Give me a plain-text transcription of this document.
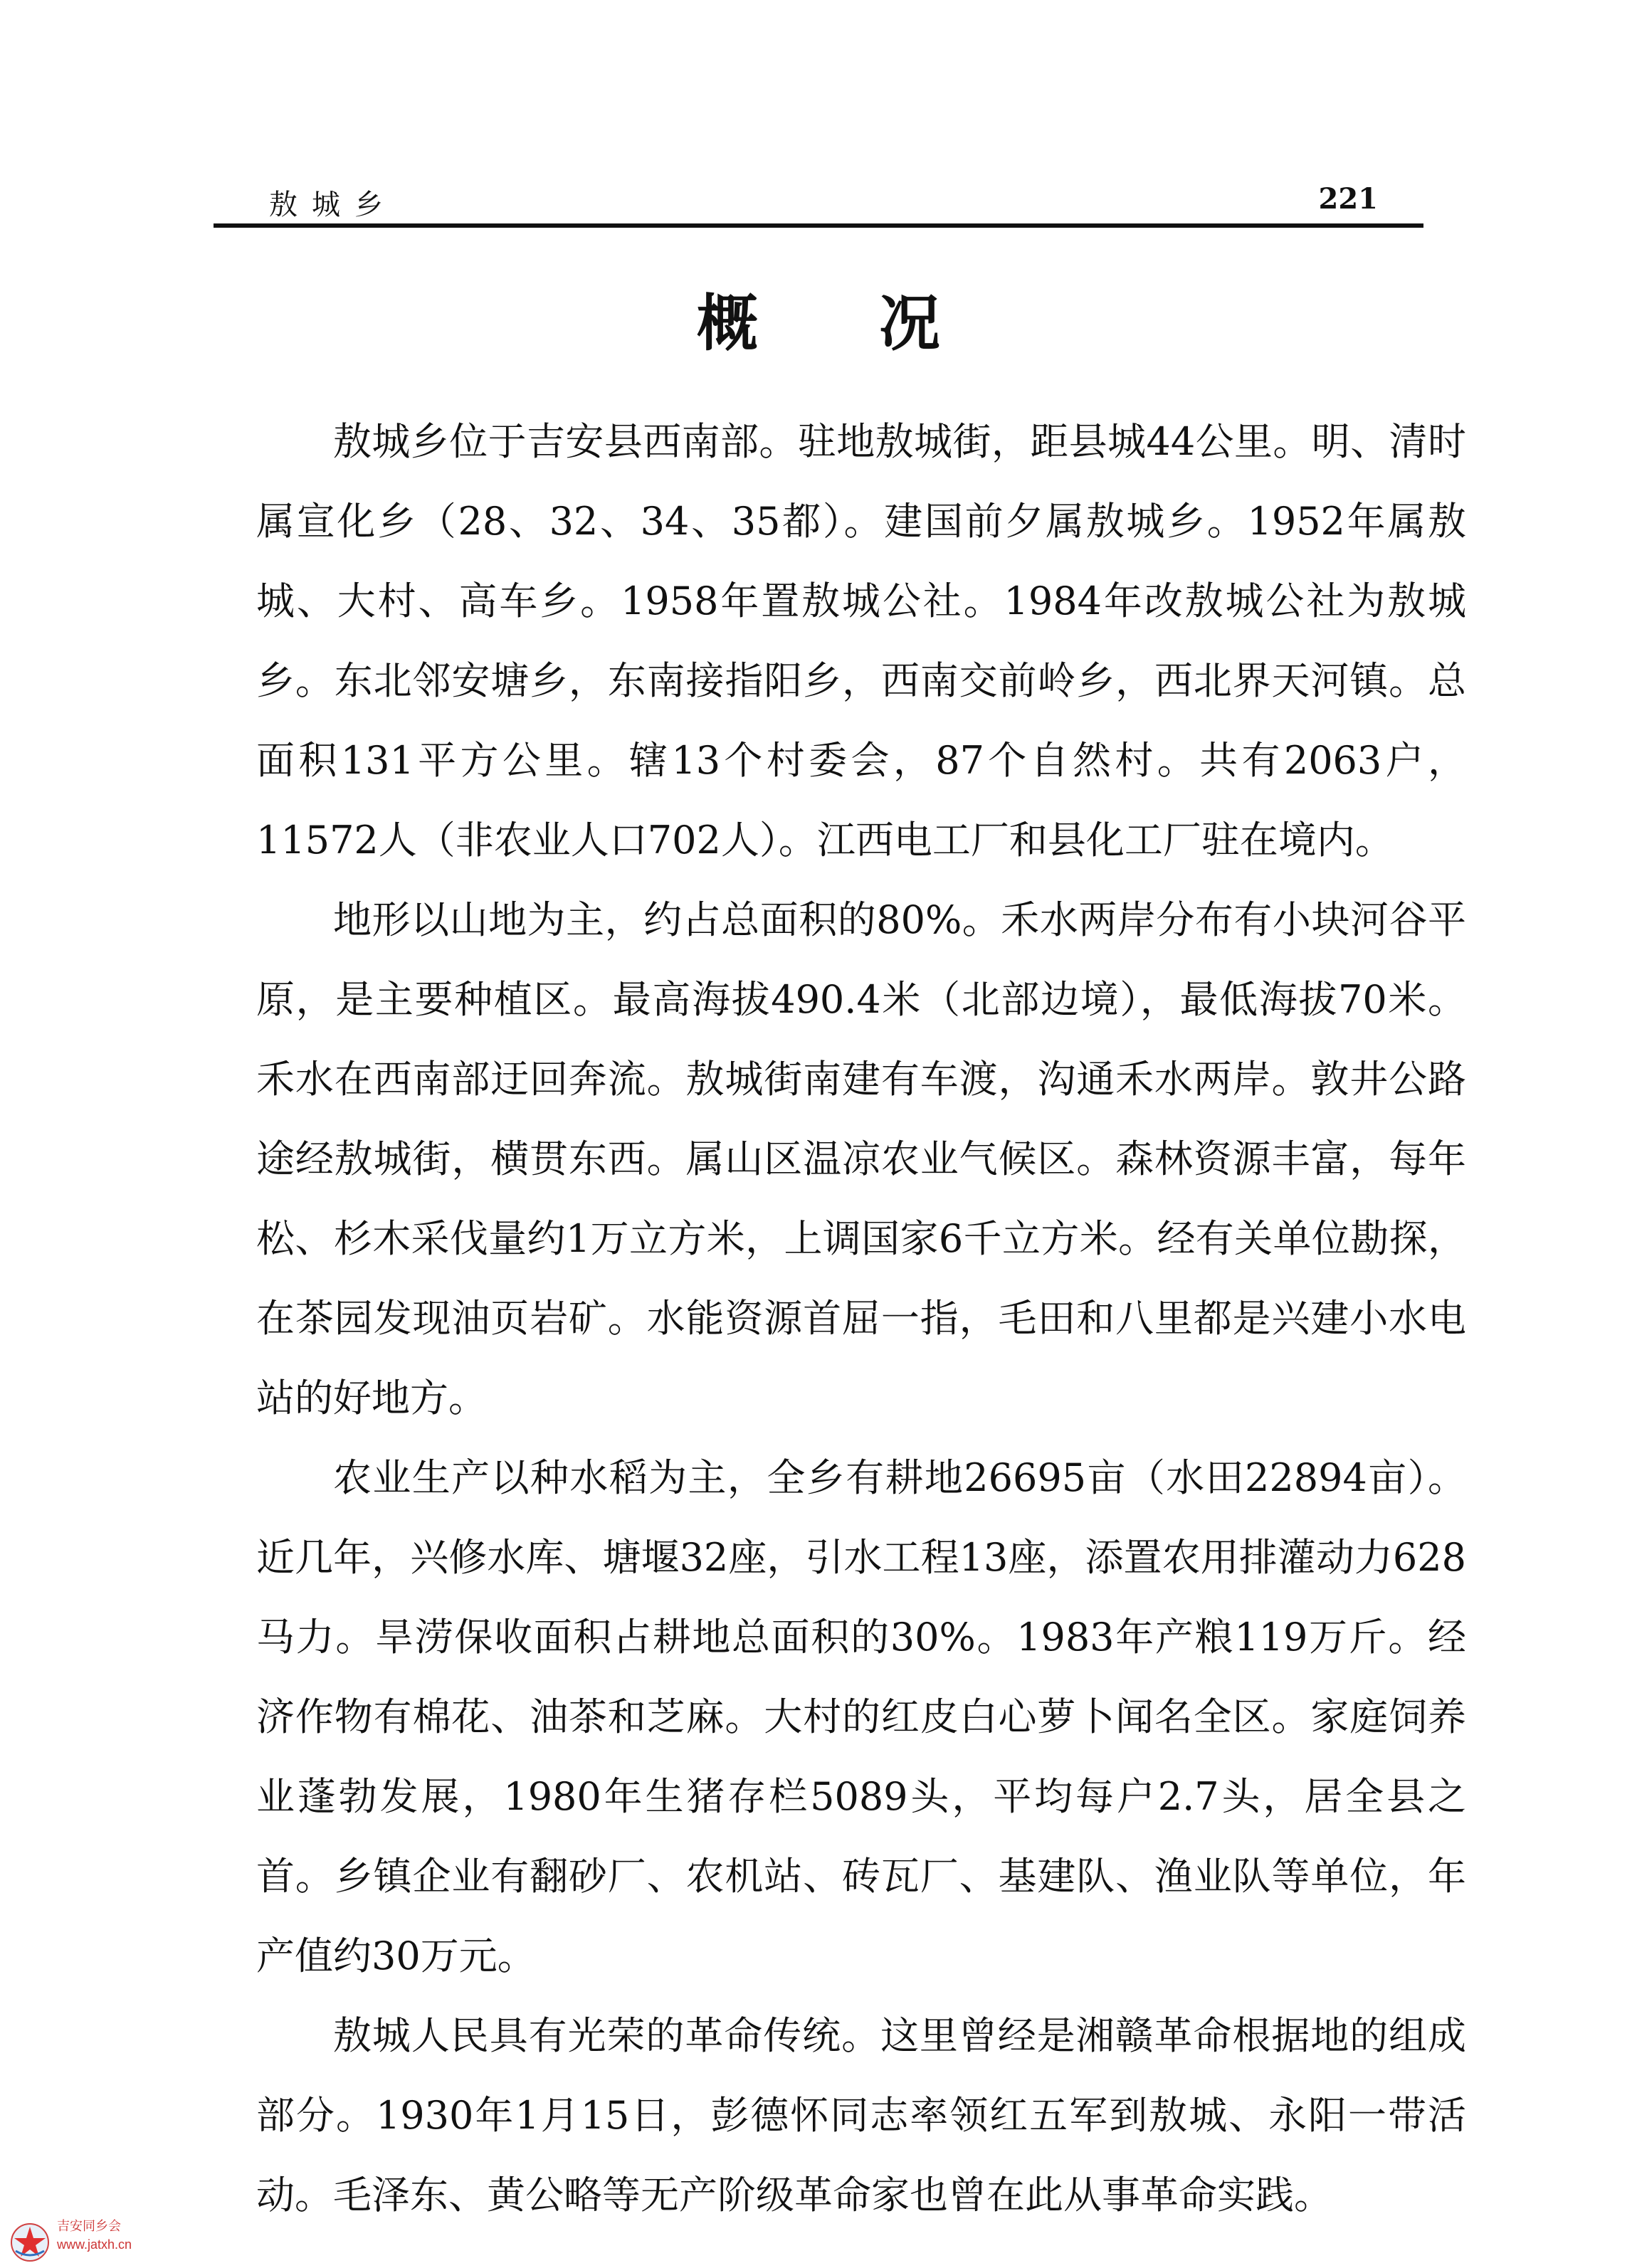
敖城乡	221
概况

敖城乡位于吉安县西南部。驻地敖城街，距县城44公里。明、清时属宣化乡（28、32、34、35都）。建国前夕属敖城乡。1952年属敖城、大村、高车乡。1958年置敖城公社。1984年改敖城公社为敖城乡。东北邻安塘乡，东南接指阳乡，西南交前岭乡，西北界天河镇。总面积131平方公里。辖13个村委会，87个自然村。共有2063户，11572人（非农业人口702人）。江西电工厂和县化工厂驻在境内。

地形以山地为主，约占总面积的80%。禾水两岸分布有小块河谷平原，是主要种植区。最高海拔490.4米（北部边境），最低海拔70米。禾水在西南部迂回奔流。敖城街南建有车渡，沟通禾水两岸。敦井公路途经敖城街，横贯东西。属山区温凉农业气候区。森林资源丰富，每年松、杉木采伐量约1万立方米，上调国家6千立方米。经有关单位勘探，在茶园发现油页岩矿。水能资源首屈一指，毛田和八里都是兴建小水电站的好地方。

农业生产以种水稻为主，全乡有耕地26695亩（水田22894亩）。近几年，兴修水库、塘堰32座，引水工程13座，添置农用排灌动力628马力。旱涝保收面积占耕地总面积的30%。1983年产粮119万斤。经济作物有棉花、油茶和芝麻。大村的红皮白心萝卜闻名全区。家庭饲养业蓬勃发展，1980年生猪存栏5089头，平均每户2.7头，居全县之首。乡镇企业有翻砂厂、农机站、砖瓦厂、基建队、渔业队等单位，年产值约30万元。

敖城人民具有光荣的革命传统。这里曾经是湘赣革命根据地的组成部分。1930年1月15日，彭德怀同志率领红五军到敖城、永阳一带活动。毛泽东、黄公略等无产阶级革命家也曾在此从事革命实践。

吉安同乡会
www.jatxh.cn
